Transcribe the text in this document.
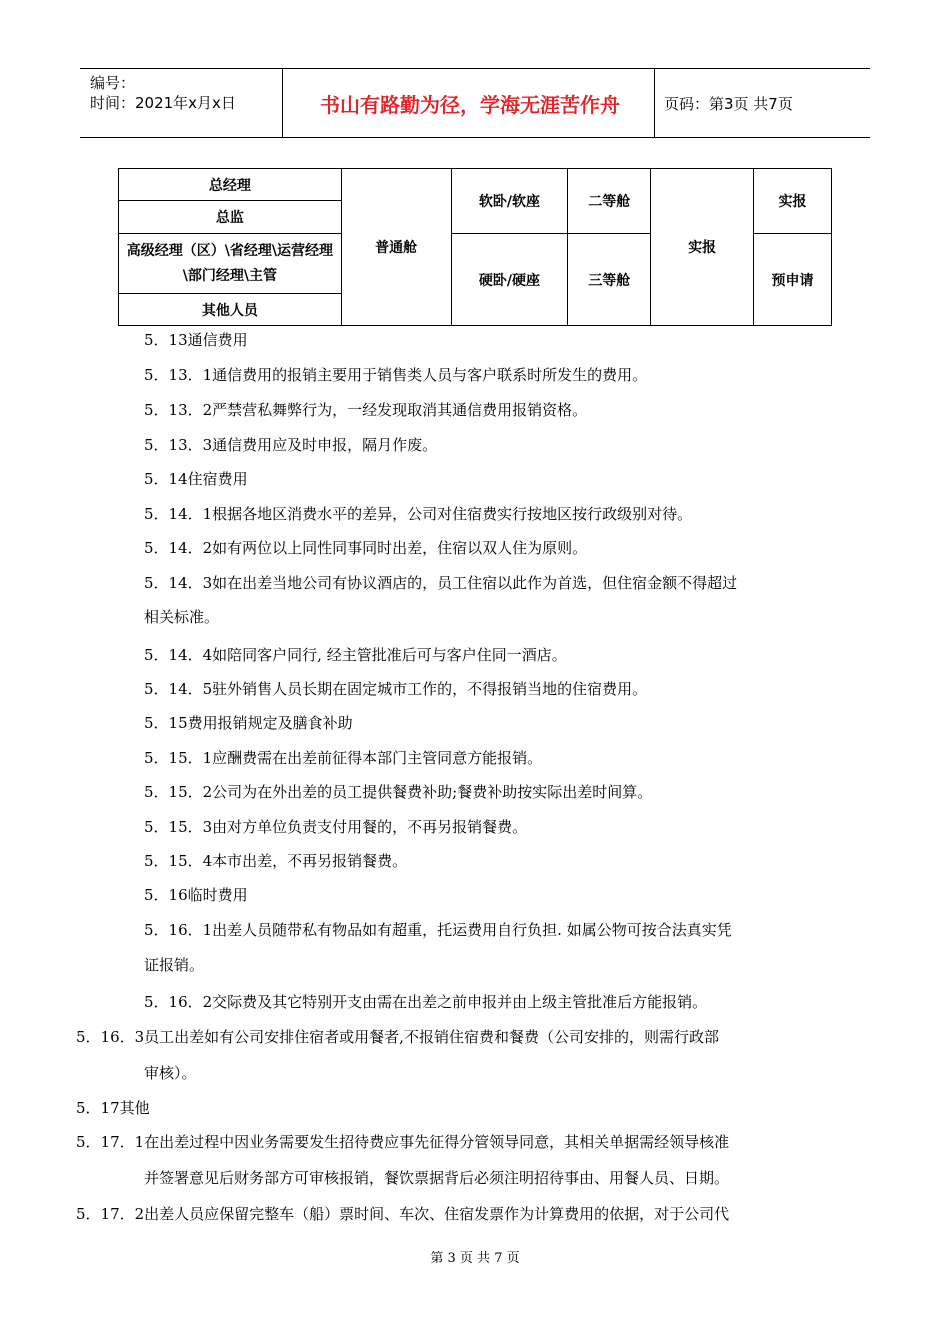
编号：
时间：2021年x月x日	书山有路勤为径，学海无涯苦作舟	页码：第3页 共7页
总经理	普通舱	软卧/软座	二等舱	实报	实报
总监					
高级经理（区）\省经理\运营经理\部门经理\主管		硬卧/硬座	三等舱		预申请
其他人员					
5．13通信费用
5．13．1通信费用的报销主要用于销售类人员与客户联系时所发生的费用。
5．13．2严禁营私舞弊行为，一经发现取消其通信费用报销资格。
5．13．3通信费用应及时申报，隔月作废。
5．14住宿费用
5．14．1根据各地区消费水平的差异，公司对住宿费实行按地区按行政级别对待。
5．14．2如有两位以上同性同事同时出差，住宿以双人住为原则。
5．14．3如在出差当地公司有协议酒店的，员工住宿以此作为首选，但住宿金额不得超过
相关标准。
5．14．4如陪同客户同行, 经主管批准后可与客户住同一酒店。
5．14．5驻外销售人员长期在固定城市工作的，不得报销当地的住宿费用。
5．15费用报销规定及膳食补助
5．15．1应酬费需在出差前征得本部门主管同意方能报销。
5．15．2公司为在外出差的员工提供餐费补助;餐费补助按实际出差时间算。
5．15．3由对方单位负责支付用餐的，不再另报销餐费。
5．15．4本市出差，不再另报销餐费。
5．16临时费用
5．16．1出差人员随带私有物品如有超重，托运费用自行负担. 如属公物可按合法真实凭
证报销。
5．16．2交际费及其它特别开支由需在出差之前申报并由上级主管批准后方能报销。
5．16．3员工出差如有公司安排住宿者或用餐者,不报销住宿费和餐费（公司安排的，则需行政部
审核）。
5．17其他
5．17．1在出差过程中因业务需要发生招待费应事先征得分管领导同意，其相关单据需经领导核准
并签署意见后财务部方可审核报销，餐饮票据背后必须注明招待事由、用餐人员、日期。
5．17．2出差人员应保留完整车（船）票时间、车次、住宿发票作为计算费用的依据，对于公司代
第 3 页 共 7 页
